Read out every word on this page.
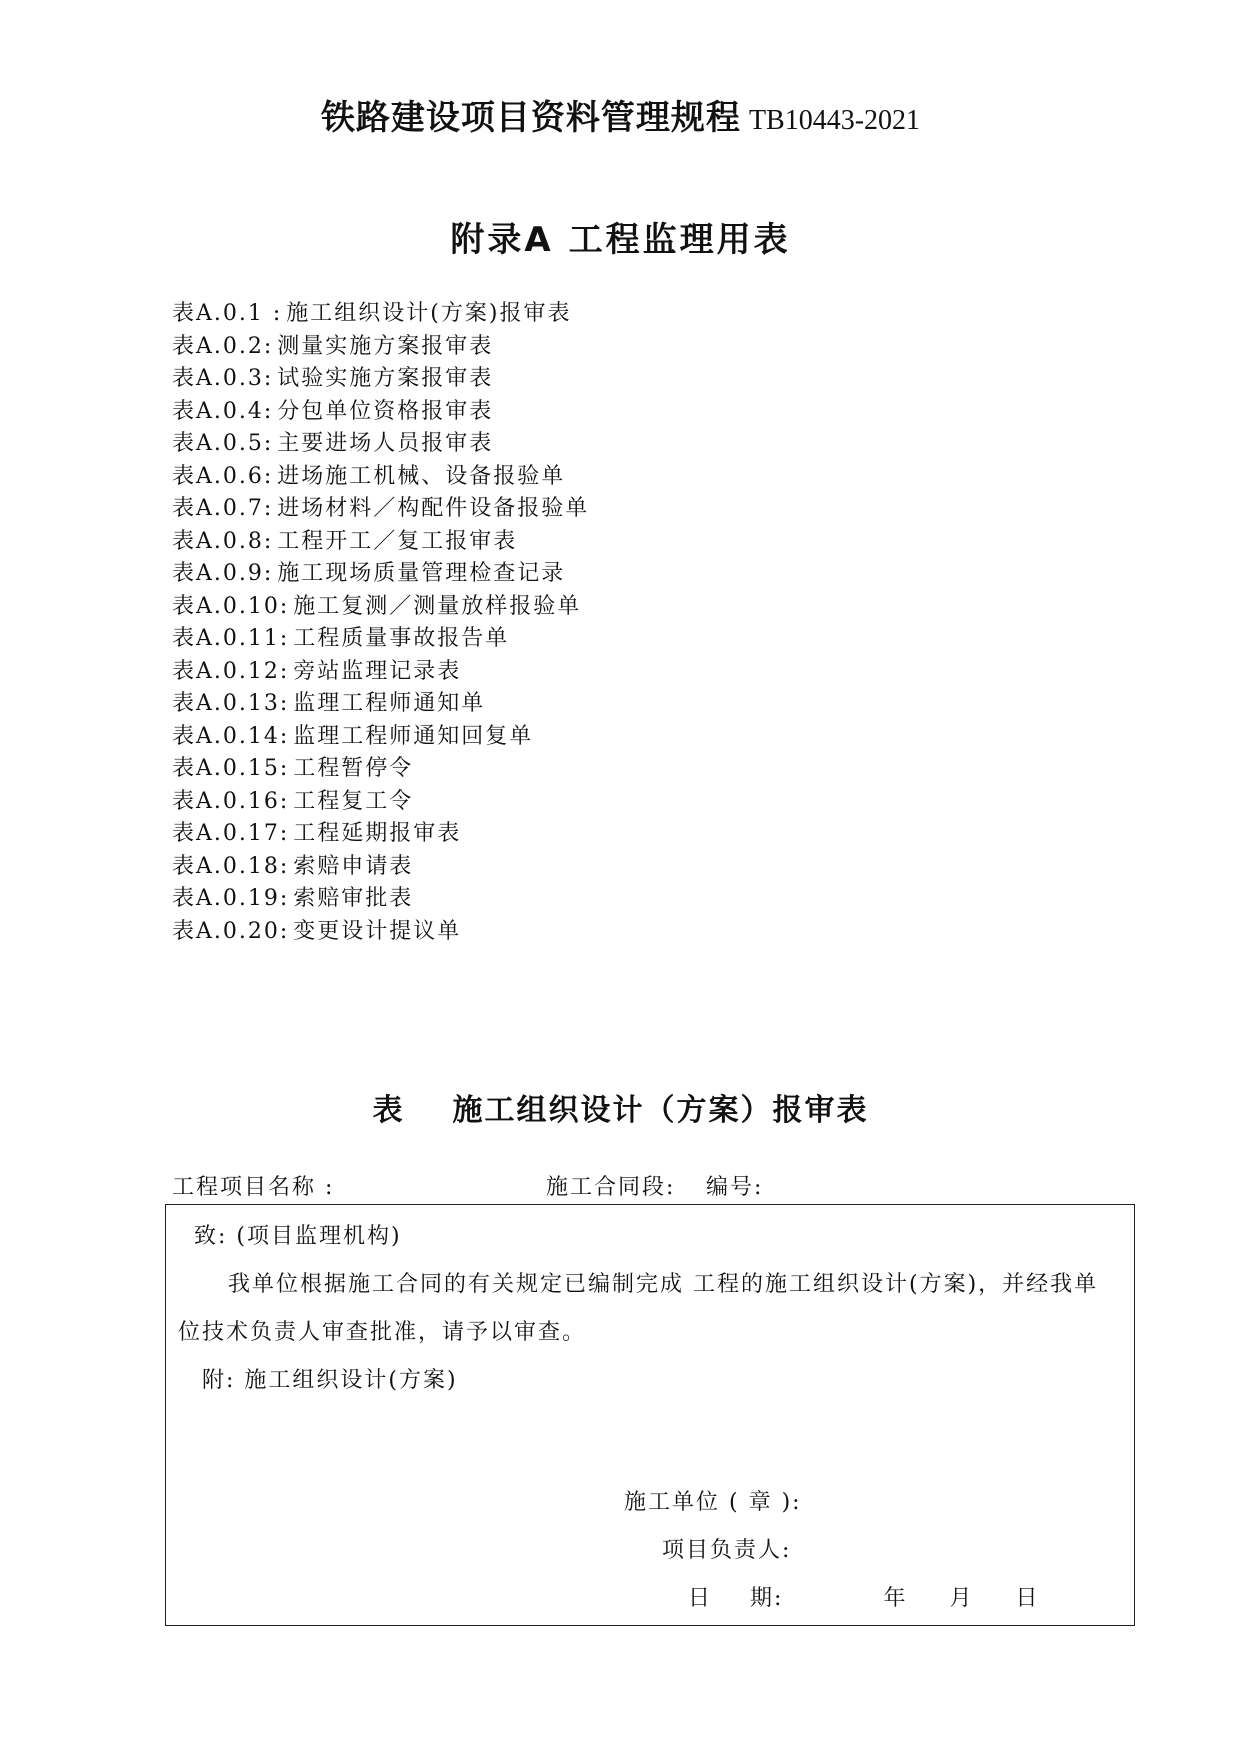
铁路建设项目资料管理规程 TB10443-2021
附录A 工程监理用表
表A.0.1 : 施工组织设计(方案)报审表
表A.0.2: 测量实施方案报审表
表A.0.3: 试验实施方案报审表
表A.0.4: 分包单位资格报审表
表A.0.5: 主要进场人员报审表
表A.0.6: 进场施工机械、设备报验单
表A.0.7: 进场材料／构配件设备报验单
表A.0.8: 工程开工／复工报审表
表A.0.9: 施工现场质量管理检查记录
表A.0.10: 施工复测／测量放样报验单
表A.0.11: 工程质量事故报告单
表A.0.12: 旁站监理记录表
表A.0.13: 监理工程师通知单
表A.0.14: 监理工程师通知回复单
表A.0.15: 工程暂停令
表A.0.16: 工程复工令
表A.0.17: 工程延期报审表
表A.0.18: 索赔申请表
表A.0.19: 索赔审批表
表A.0.20: 变更设计提议单
表 施工组织设计（方案）报审表
工程项目名称 :	施工合同段: 编号:
致: (项目监理机构)
我单位根据施工合同的有关规定已编制完成 工程的施工组织设计(方案)，并经我单
位技术负责人审查批准，请予以审查。
附: 施工组织设计(方案)
施工单位 ( 章 ):
项目负责人:
日 期:	年 月 日
